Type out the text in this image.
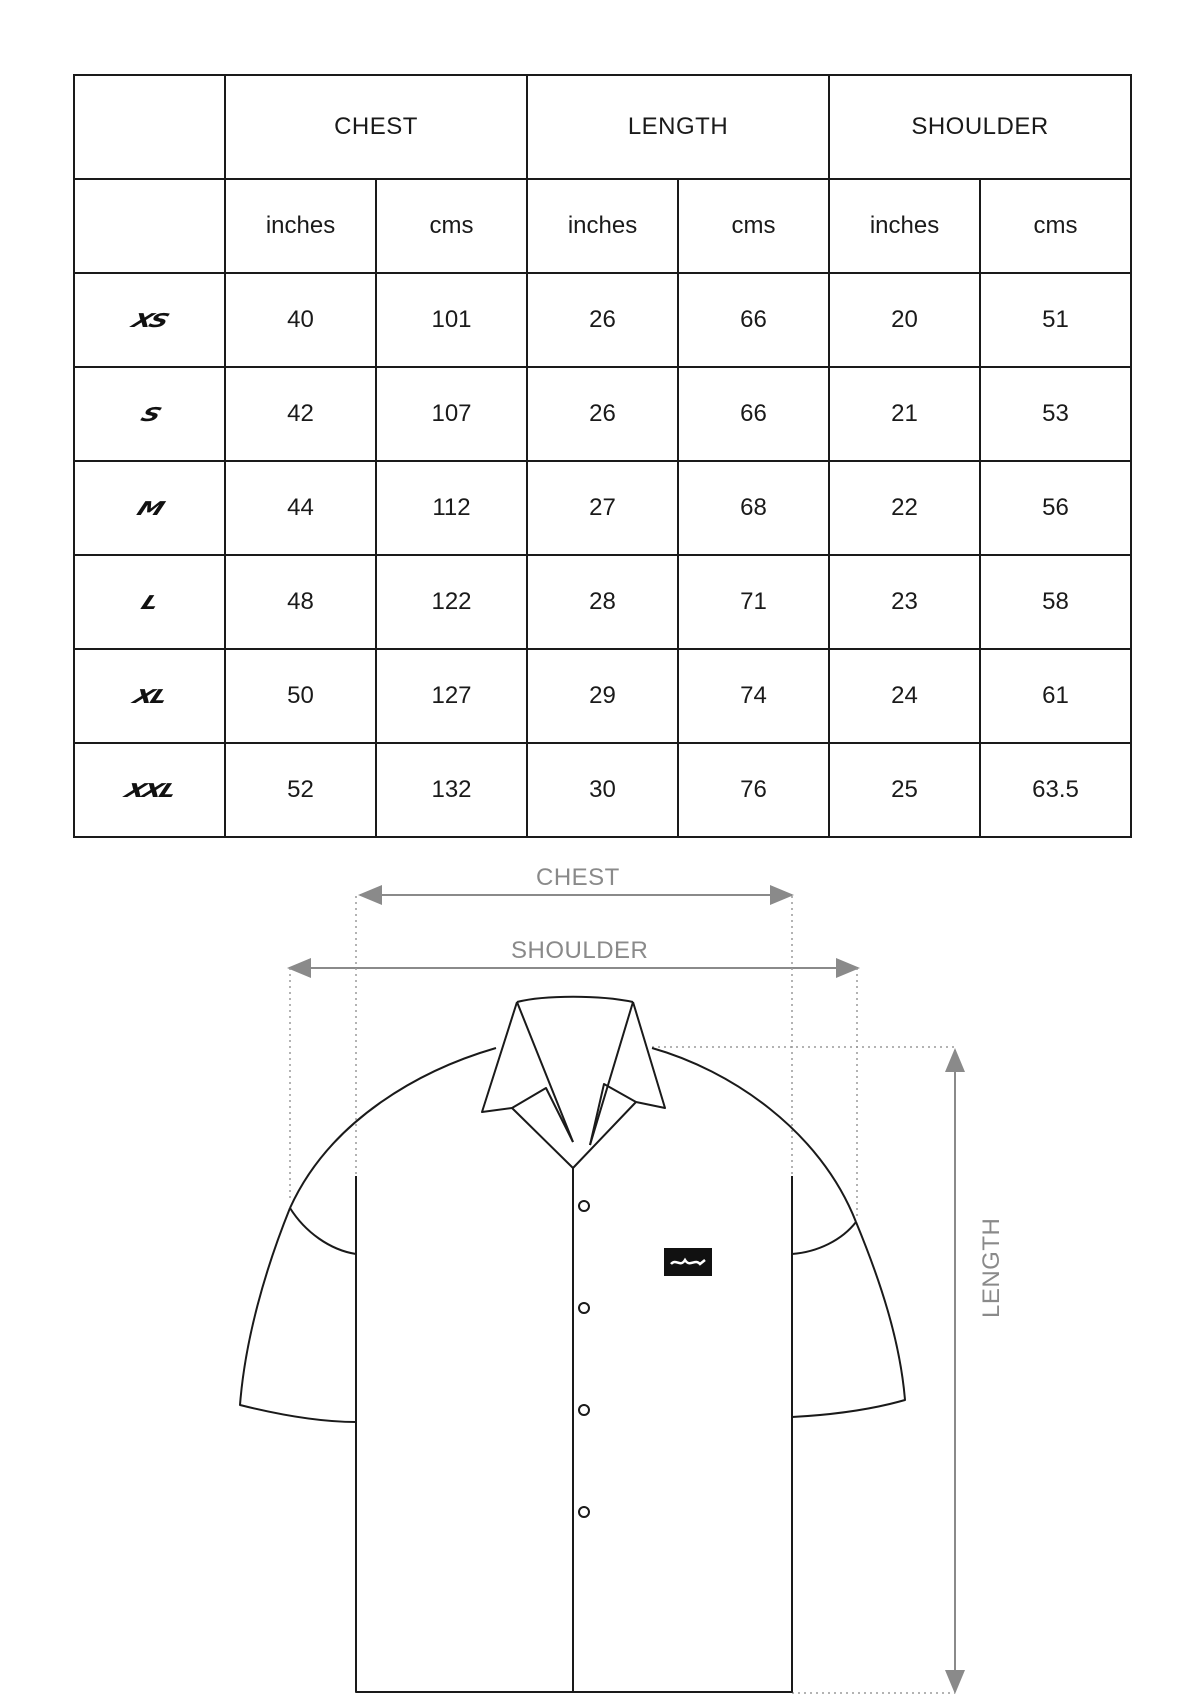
	CHEST		LENGTH		SHOULDER	
	inches	cms	inches	cms	inches	cms
XS	40	101	26	66	20	51
S	42	107	26	66	21	53
M	44	112	27	68	22	56
L	48	122	28	71	23	58
XL	50	127	29	74	24	61
XXL	52	132	30	76	25	63.5
CHEST
SHOULDER
LENGTH
